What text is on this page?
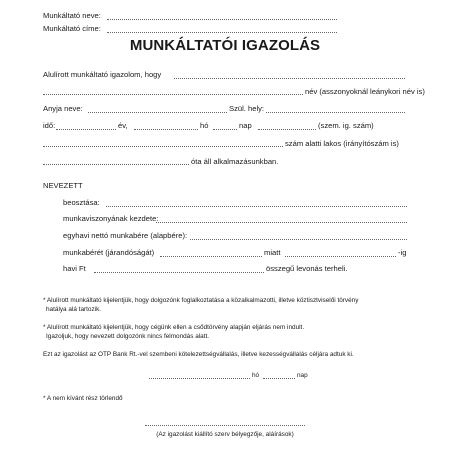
Munkáltató neve:
Munkáltató címe:
MUNKÁLTATÓI IGAZOLÁS
Alulírott munkáltató igazolom, hogy
név (asszonyoknál leánykori név is)
Anyja neve:	Szül. hely:
idő:	év,	hó	nap	(szem. ig. szám)
szám alatti lakos (irányítószám is)
óta áll alkalmazásunkban.
NEVEZETT
beosztása:
munkaviszonyának kezdete:
egyhavi nettó munkabére (alapbére):
munkabérét (járandóságát)	miatt	-ig
havi Ft	összegű levonás terheli.
* Alulírott munkáltató kijelentjük, hogy dolgozónk foglalkoztatása a közalkalmazotti, illetve köztisztviselői törvény
hatálya alá tartozik.
* Alulírott munkáltató kijelentjük, hogy cégünk ellen a csődtörvény alapján eljárás nem indult.
Igazoljuk, hogy nevezett dolgozónk nincs felmondás alatt.
Ezt az igazolást az OTP Bank Rt.-vel szembeni kötelezettségvállalás, illetve kezességvállalás céljára adtuk ki.
hó	nap
* A nem kívánt rész törlendő
(Az igazolást kiállító szerv bélyegzője, aláírások)
